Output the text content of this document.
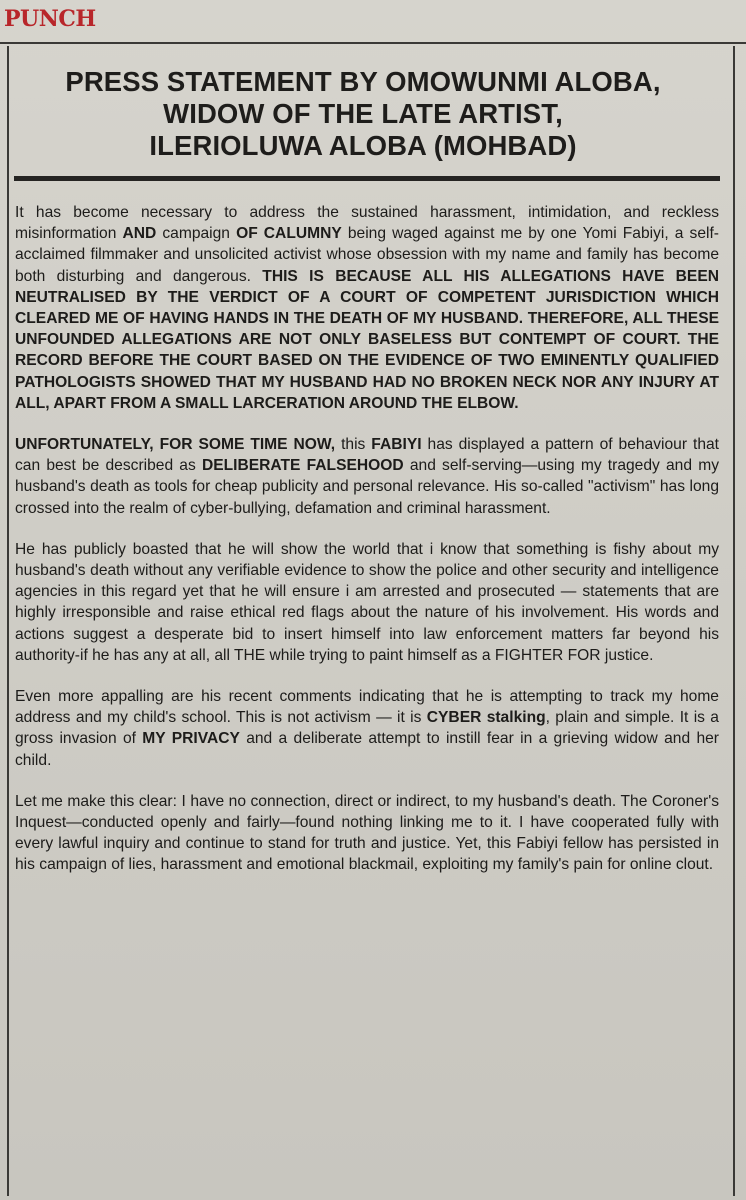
PUNCH
PRESS STATEMENT BY OMOWUNMI ALOBA,
WIDOW OF THE LATE ARTIST,
ILERIOLUWA ALOBA (MOHBAD)

It has become necessary to address the sustained harassment, intimidation, and reckless misinformation AND campaign OF CALUMNY being waged against me by one Yomi Fabiyi, a self-acclaimed filmmaker and unsolicited activist whose obsession with my name and family has become both disturbing and dangerous. THIS IS BECAUSE ALL HIS ALLEGATIONS HAVE BEEN NEUTRALISED BY THE VERDICT OF A COURT OF COMPETENT JURISDICTION WHICH CLEARED ME OF HAVING HANDS IN THE DEATH OF MY HUSBAND. THEREFORE, ALL THESE UNFOUNDED ALLEGATIONS ARE NOT ONLY BASELESS BUT CONTEMPT OF COURT. THE RECORD BEFORE THE COURT BASED ON THE EVIDENCE OF TWO EMINENTLY QUALIFIED PATHOLOGISTS SHOWED THAT MY HUSBAND HAD NO BROKEN NECK NOR ANY INJURY AT ALL, APART FROM A SMALL LARCERATION AROUND THE ELBOW.

UNFORTUNATELY, FOR SOME TIME NOW, this FABIYI has displayed a pattern of behaviour that can best be described as DELIBERATE FALSEHOOD and self-serving—using my tragedy and my husband's death as tools for cheap publicity and personal relevance. His so-called "activism" has long crossed into the realm of cyber-bullying, defamation and criminal harassment.

He has publicly boasted that he will show the world that i know that something is fishy about my husband's death without any verifiable evidence to show the police and other security and intelligence agencies in this regard yet that he will ensure i am arrested and prosecuted — statements that are highly irresponsible and raise ethical red flags about the nature of his involvement. His words and actions suggest a desperate bid to insert himself into law enforcement matters far beyond his authority-if he has any at all, all THE while trying to paint himself as a FIGHTER FOR justice.

Even more appalling are his recent comments indicating that he is attempting to track my home address and my child's school. This is not activism — it is CYBER stalking, plain and simple. It is a gross invasion of MY PRIVACY and a deliberate attempt to instill fear in a grieving widow and her child.

Let me make this clear: I have no connection, direct or indirect, to my husband's death. The Coroner's Inquest—conducted openly and fairly—found nothing linking me to it. I have cooperated fully with every lawful inquiry and continue to stand for truth and justice. Yet, this Fabiyi fellow has persisted in his campaign of lies, harassment and emotional blackmail, exploiting my family's pain for online clout.
